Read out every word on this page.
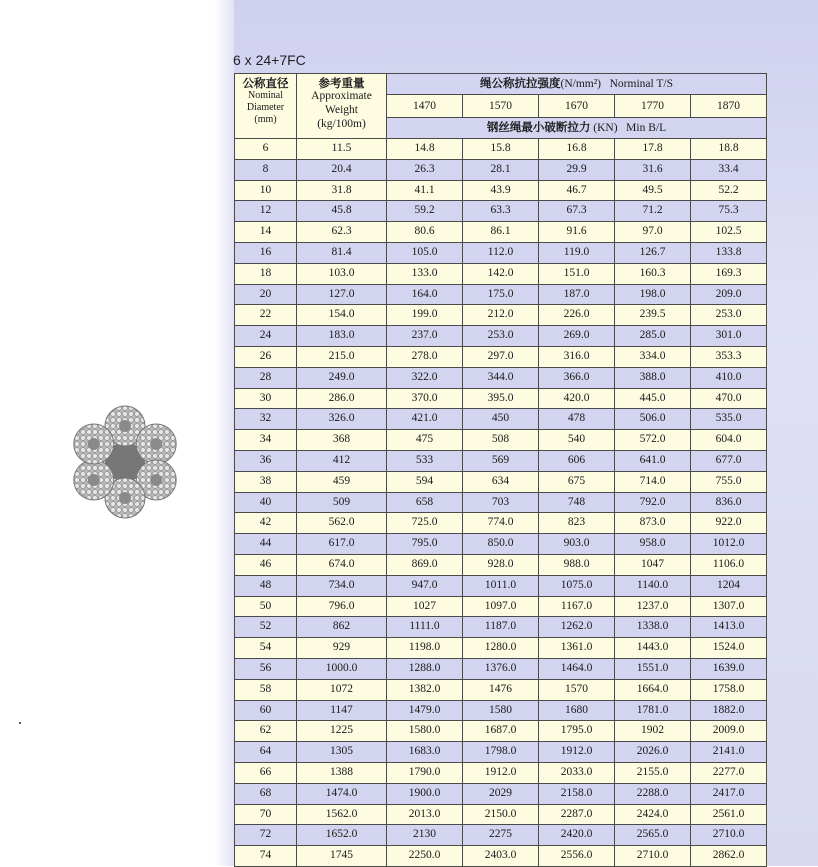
6 x 24+7FC
公称直径
Nominal
Diameter
(mm)	参考重量
Approximate
Weight
(kg/100m)	绳公称抗拉强度(N/mm²) Norminal T/S				
		1470	1570	1670	1770	1870
		钢丝绳最小破断拉力 (KN) Min B/L				
6	11.5	14.8	15.8	16.8	17.8	18.8
8	20.4	26.3	28.1	29.9	31.6	33.4
10	31.8	41.1	43.9	46.7	49.5	52.2
12	45.8	59.2	63.3	67.3	71.2	75.3
14	62.3	80.6	86.1	91.6	97.0	102.5
16	81.4	105.0	112.0	119.0	126.7	133.8
18	103.0	133.0	142.0	151.0	160.3	169.3
20	127.0	164.0	175.0	187.0	198.0	209.0
22	154.0	199.0	212.0	226.0	239.5	253.0
24	183.0	237.0	253.0	269.0	285.0	301.0
26	215.0	278.0	297.0	316.0	334.0	353.3
28	249.0	322.0	344.0	366.0	388.0	410.0
30	286.0	370.0	395.0	420.0	445.0	470.0
32	326.0	421.0	450	478	506.0	535.0
34	368	475	508	540	572.0	604.0
36	412	533	569	606	641.0	677.0
38	459	594	634	675	714.0	755.0
40	509	658	703	748	792.0	836.0
42	562.0	725.0	774.0	823	873.0	922.0
44	617.0	795.0	850.0	903.0	958.0	1012.0
46	674.0	869.0	928.0	988.0	1047	1106.0
48	734.0	947.0	1011.0	1075.0	1140.0	1204
50	796.0	1027	1097.0	1167.0	1237.0	1307.0
52	862	1111.0	1187.0	1262.0	1338.0	1413.0
54	929	1198.0	1280.0	1361.0	1443.0	1524.0
56	1000.0	1288.0	1376.0	1464.0	1551.0	1639.0
58	1072	1382.0	1476	1570	1664.0	1758.0
60	1147	1479.0	1580	1680	1781.0	1882.0
62	1225	1580.0	1687.0	1795.0	1902	2009.0
64	1305	1683.0	1798.0	1912.0	2026.0	2141.0
66	1388	1790.0	1912.0	2033.0	2155.0	2277.0
68	1474.0	1900.0	2029	2158.0	2288.0	2417.0
70	1562.0	2013.0	2150.0	2287.0	2424.0	2561.0
72	1652.0	2130	2275	2420.0	2565.0	2710.0
74	1745	2250.0	2403.0	2556.0	2710.0	2862.0
